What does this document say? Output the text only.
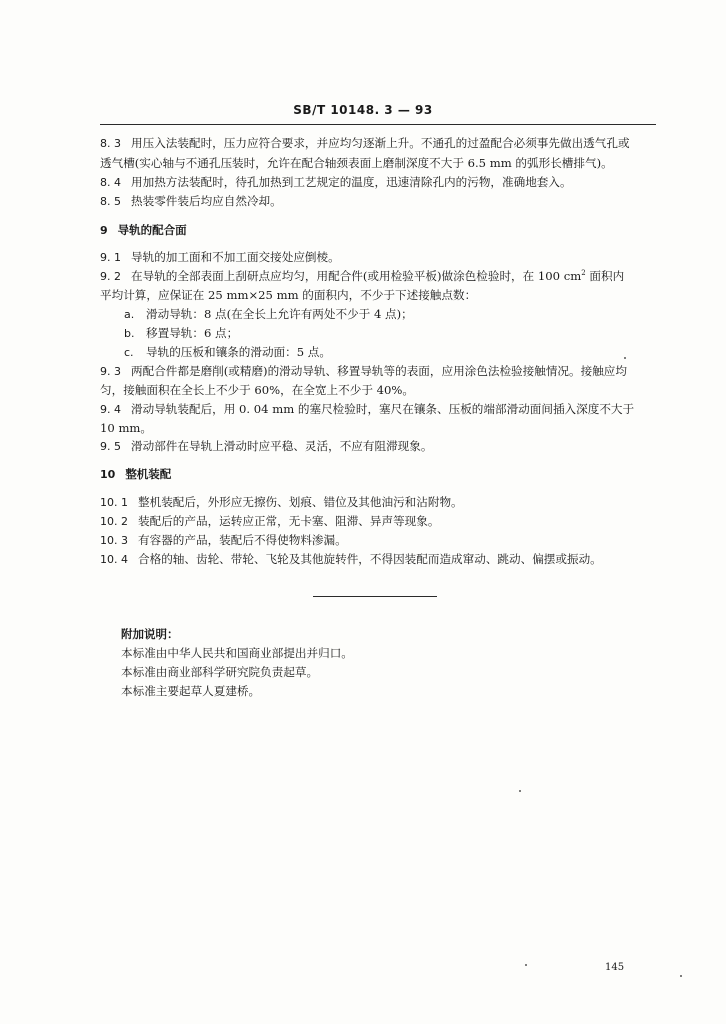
SB/T 10148. 3 — 93
8. 3 用压入法装配时，压力应符合要求，并应均匀逐渐上升。不通孔的过盈配合必须事先做出透气孔或
透气槽(实心轴与不通孔压装时，允许在配合轴颈表面上磨制深度不大于 6.5 mm 的弧形长槽排气)。
8. 4 用加热方法装配时，待孔加热到工艺规定的温度，迅速清除孔内的污物，准确地套入。
8. 5 热装零件装后均应自然冷却。
9 导轨的配合面
9. 1 导轨的加工面和不加工面交接处应倒棱。
9. 2 在导轨的全部表面上刮研点应均匀，用配合件(或用检验平板)做涂色检验时，在 100 $cm^2$ 面积内
平均计算，应保证在 25 mm×25 mm 的面积内，不少于下述接触点数：
a. 滑动导轨：8 点(在全长上允许有两处不少于 4 点)；
b. 移置导轨：6 点；
c. 导轨的压板和镶条的滑动面：5 点。
9. 3 两配合件都是磨削(或精磨)的滑动导轨、移置导轨等的表面，应用涂色法检验接触情况。接触应均
匀，接触面积在全长上不少于 60%，在全宽上不少于 40%。
9. 4 滑动导轨装配后，用 0. 04 mm 的塞尺检验时，塞尺在镶条、压板的端部滑动面间插入深度不大于
10 mm。
9. 5 滑动部件在导轨上滑动时应平稳、灵活，不应有阻滞现象。
10 整机装配
10. 1 整机装配后，外形应无擦伤、划痕、错位及其他油污和沾附物。
10. 2 装配后的产品，运转应正常，无卡塞、阻滞、异声等现象。
10. 3 有容器的产品，装配后不得使物料渗漏。
10. 4 合格的轴、齿轮、带轮、飞轮及其他旋转件，不得因装配而造成窜动、跳动、偏摆或振动。
附加说明：
本标准由中华人民共和国商业部提出并归口。
本标准由商业部科学研究院负责起草。
本标准主要起草人夏建桥。
145
